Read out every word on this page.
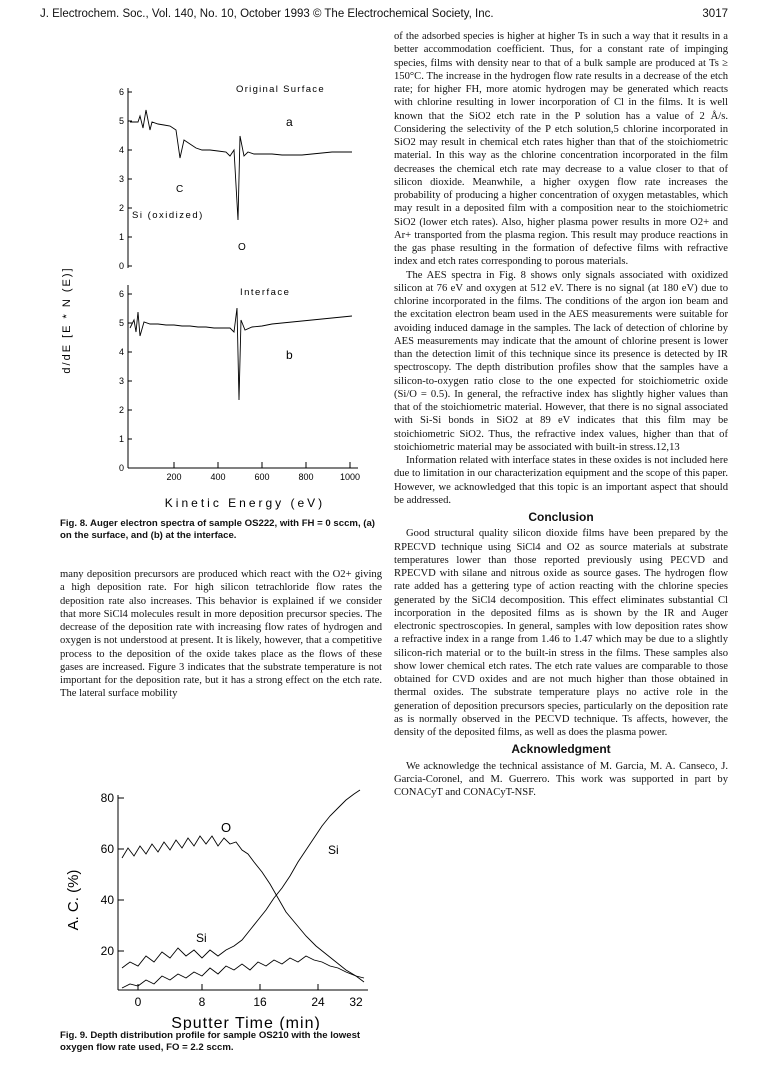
J. Electrochem. Soc., Vol. 140, No. 10, October 1993 © The Electrochemical Society, Inc.	3017
d/dE [E * N (E)]
6
5
4
3
2
1
0
Original Surface
a
C
Si (oxidized)
O
6
5
4
3
2
1
0
Interface
b
200	400	600	800	1000
Kinetic Energy (eV)
Fig. 8. Auger electron spectra of sample OS222, with FH = 0 sccm, (a) on the surface, and (b) at the interface.

many deposition precursors are produced which react with the O2+ giving a high deposition rate. For high silicon tetrachloride flow rates the deposition rate also increases. This behavior is explained if we consider that more SiCl4 molecules result in more deposition precursor species. The decrease of the deposition rate with increasing flow rates of hydrogen and oxygen is not understood at present. It is likely, however, that a competitive process to the deposition of the oxide takes place as the flows of these gases are increased. Figure 3 indicates that the substrate temperature is not important for the deposition rate, but it has a strong effect on the etch rate. The lateral surface mobility

A. C. (%)
80
60
40
20
O
Si
Si
0	8	16	24 32
Sputter Time (min)
Fig. 9. Depth distribution profile for sample OS210 with the lowest oxygen flow rate used, FO = 2.2 sccm.

of the adsorbed species is higher at higher Ts in such a way that it results in a better accommodation coefficient. Thus, for a constant rate of impinging species, films with density near to that of a bulk sample are produced at Ts ≥ 150°C. The increase in the hydrogen flow rate results in a decrease of the etch rate; for higher FH, more atomic hydrogen may be generated which reacts with chlorine resulting in lower incorporation of Cl in the films. It is well known that the SiO2 etch rate in the P solution has a value of 2 Å/s. Considering the selectivity of the P etch solution,5 chlorine incorporated in SiO2 may result in chemical etch rates higher than that of the stoichiometric material. In this way as the chlorine concentration incorporated in the film decreases the chemical etch rate may decrease to a value closer to that of silicon dioxide. Meanwhile, a higher oxygen flow rate increases the probability of producing a higher concentration of oxygen metastables, which may result in a deposited film with a composition near to the stoichiometric SiO2 (lower etch rates). Also, higher plasma power results in more O2+ and Ar+ transported from the plasma region. This result may produce reactions in the gas phase resulting in the formation of defective films with refractive index and etch rates corresponding to porous materials.

The AES spectra in Fig. 8 shows only signals associated with oxidized silicon at 76 eV and oxygen at 512 eV. There is no signal (at 180 eV) due to chlorine incorporated in the films. The conditions of the argon ion beam and the excitation electron beam used in the AES measurements were suitable for avoiding induced damage in the samples. The lack of detection of chlorine by AES measurements may indicate that the amount of chlorine present is lower than the detection limit of this technique since its presence is detected by IR spectroscopy. The depth distribution profiles show that the samples have a silicon-to-oxygen ratio close to the one expected for stoichiometric oxide (Si/O = 0.5). In general, the refractive index has slightly higher values than that of the stoichiometric material. However, that there is no signal associated with Si-Si bonds in SiO2 at 89 eV indicates that this film may be stoichiometric SiO2. Thus, the refractive index values, higher than that of stoichiometric material may be associated with built-in stress.12,13

Information related with interface states in these oxides is not included here due to limitation in our characterization equipment and the scope of this paper. However, we acknowledged that this topic is an important aspect that should be addressed.

Conclusion

Good structural quality silicon dioxide films have been prepared by the RPECVD technique using SiCl4 and O2 as source materials at substrate temperatures lower than those reported previously using PECVD and RPECVD with silane and nitrous oxide as source gases. The hydrogen flow rate added has a gettering type of action reacting with the chlorine species generated by the SiCl4 decomposition. This effect eliminates substantial Cl incorporation in the deposited films as is shown by the IR and Auger electronic spectroscopies. In general, samples with low deposition rates show a refractive index in a range from 1.46 to 1.47 which may be due to a slightly silicon-rich material or to the built-in stress in the films. These samples also show lower chemical etch rates. The etch rate values are comparable to those obtained for CVD oxides and are not much higher than those obtained in thermal oxides. The substrate temperature plays no active role in the generation of deposition precursors species, particularly on the deposition rate as is normally observed in the PECVD technique. Ts affects, however, the density of the deposited films, as well as does the plasma power.

Acknowledgment

We acknowledge the technical assistance of M. Garcia, M. A. Canseco, J. Garcia-Coronel, and M. Guerrero. This work was supported in part by CONACyT and CONACyT-NSF.
